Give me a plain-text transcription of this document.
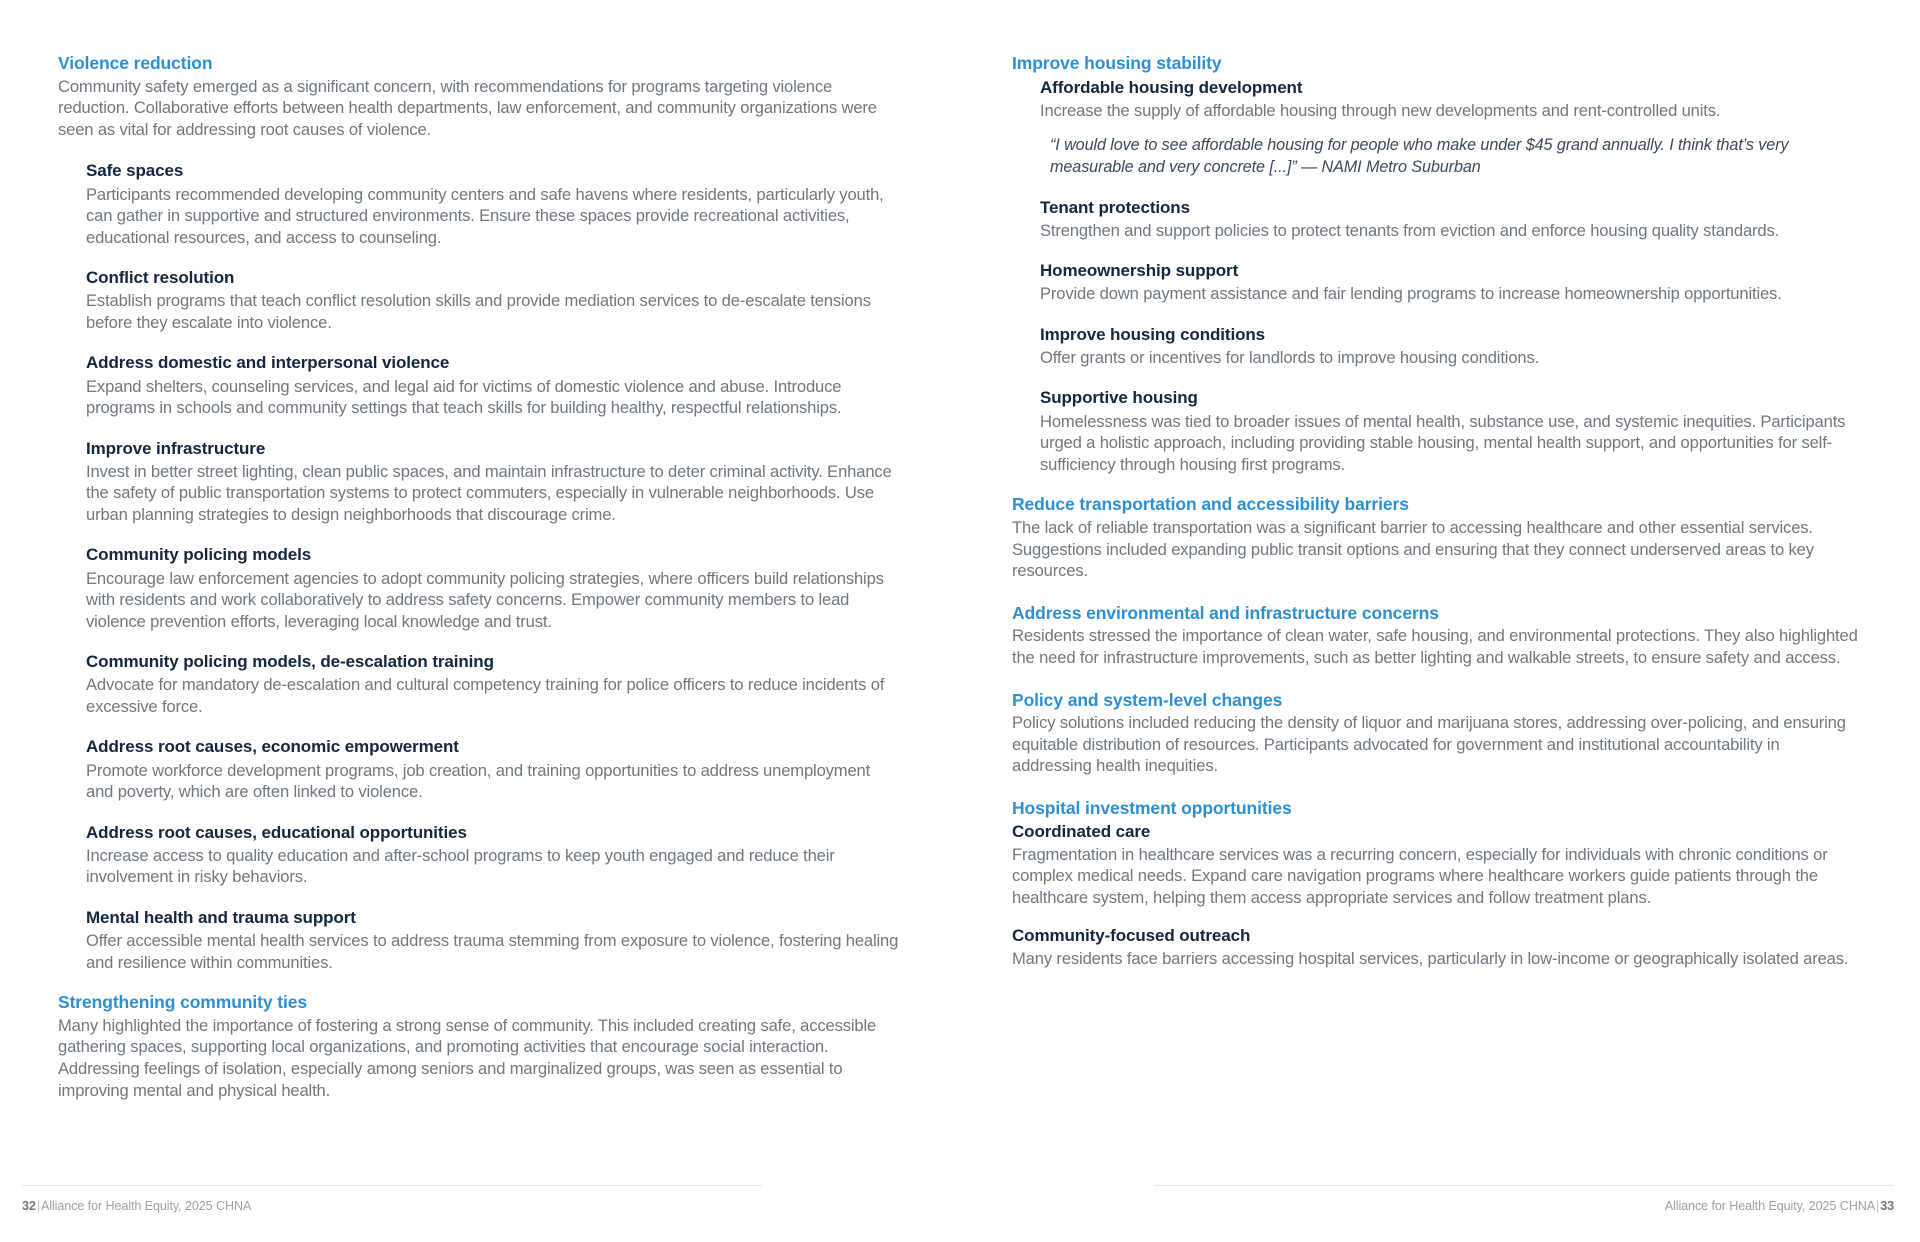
Violence reduction
Community safety emerged as a significant concern, with recommendations for programs targeting violence reduction. Collaborative efforts between health departments, law enforcement, and community organizations were seen as vital for addressing root causes of violence.
Safe spaces
Participants recommended developing community centers and safe havens where residents, particularly youth, can gather in supportive and structured environments. Ensure these spaces provide recreational activities, educational resources, and access to counseling.
Conflict resolution
Establish programs that teach conflict resolution skills and provide mediation services to de-escalate tensions before they escalate into violence.
Address domestic and interpersonal violence
Expand shelters, counseling services, and legal aid for victims of domestic violence and abuse. Introduce programs in schools and community settings that teach skills for building healthy, respectful relationships.
Improve infrastructure
Invest in better street lighting, clean public spaces, and maintain infrastructure to deter criminal activity. Enhance the safety of public transportation systems to protect commuters, especially in vulnerable neighborhoods. Use urban planning strategies to design neighborhoods that discourage crime.
Community policing models
Encourage law enforcement agencies to adopt community policing strategies, where officers build relationships with residents and work collaboratively to address safety concerns. Empower community members to lead violence prevention efforts, leveraging local knowledge and trust.
Community policing models, de-escalation training
Advocate for mandatory de-escalation and cultural competency training for police officers to reduce incidents of excessive force.
Address root causes, economic empowerment
Promote workforce development programs, job creation, and training opportunities to address unemployment and poverty, which are often linked to violence.
Address root causes, educational opportunities
Increase access to quality education and after-school programs to keep youth engaged and reduce their involvement in risky behaviors.
Mental health and trauma support
Offer accessible mental health services to address trauma stemming from exposure to violence, fostering healing and resilience within communities.
Strengthening community ties
Many highlighted the importance of fostering a strong sense of community. This included creating safe, accessible gathering spaces, supporting local organizations, and promoting activities that encourage social interaction. Addressing feelings of isolation, especially among seniors and marginalized groups, was seen as essential to improving mental and physical health.
32|Alliance for Health Equity, 2025 CHNA
Improve housing stability
Affordable housing development
Increase the supply of affordable housing through new developments and rent-controlled units.
“I would love to see affordable housing for people who make under $45 grand annually. I think that’s very measurable and very concrete [...]” — NAMI Metro Suburban
Tenant protections
Strengthen and support policies to protect tenants from eviction and enforce housing quality standards.
Homeownership support
Provide down payment assistance and fair lending programs to increase homeownership opportunities.
Improve housing conditions
Offer grants or incentives for landlords to improve housing conditions.
Supportive housing
Homelessness was tied to broader issues of mental health, substance use, and systemic inequities. Participants urged a holistic approach, including providing stable housing, mental health support, and opportunities for self-sufficiency through housing first programs.
Reduce transportation and accessibility barriers
The lack of reliable transportation was a significant barrier to accessing healthcare and other essential services. Suggestions included expanding public transit options and ensuring that they connect underserved areas to key resources.
Address environmental and infrastructure concerns
Residents stressed the importance of clean water, safe housing, and environmental protections. They also highlighted the need for infrastructure improvements, such as better lighting and walkable streets, to ensure safety and access.
Policy and system-level changes
Policy solutions included reducing the density of liquor and marijuana stores, addressing over-policing, and ensuring equitable distribution of resources. Participants advocated for government and institutional accountability in addressing health inequities.
Hospital investment opportunities
Coordinated care
Fragmentation in healthcare services was a recurring concern, especially for individuals with chronic conditions or complex medical needs. Expand care navigation programs where healthcare workers guide patients through the healthcare system, helping them access appropriate services and follow treatment plans.
Community-focused outreach
Many residents face barriers accessing hospital services, particularly in low-income or geographically isolated areas.
Alliance for Health Equity, 2025 CHNA|33
